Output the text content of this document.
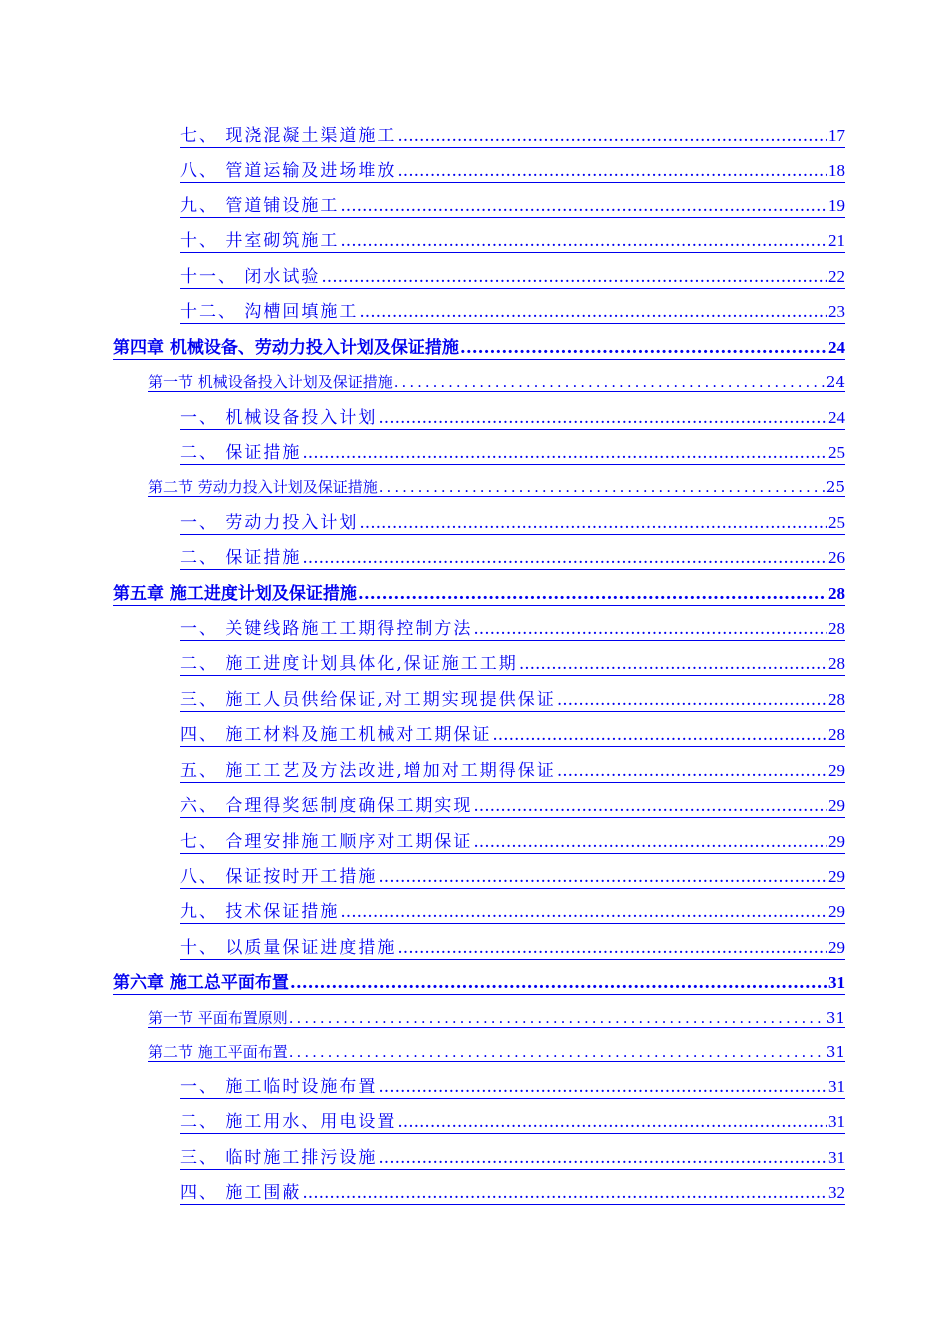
七、 现浇混凝土渠道施工 .....	17
八、 管道运输及进场堆放 .....	18
九、 管道铺设施工 .....	19
十、 井室砌筑施工 .....	21
十一、 闭水试验 .....	22
十二、 沟槽回填施工 .....	23
第四章 机械设备、劳动力投入计划及保证措施 .....	24
第一节 机械设备投入计划及保证措施 .....	24
一、 机械设备投入计划 .....	24
二、 保证措施 .....	25
第二节 劳动力投入计划及保证措施 .....	25
一、 劳动力投入计划 .....	25
二、 保证措施 .....	26
第五章 施工进度计划及保证措施 .....	28
一、 关键线路施工工期得控制方法 .....	28
二、 施工进度计划具体化,保证施工工期 .....	28
三、 施工人员供给保证,对工期实现提供保证 .....	28
四、 施工材料及施工机械对工期保证 .....	28
五、 施工工艺及方法改进,增加对工期得保证 .....	29
六、 合理得奖惩制度确保工期实现 .....	29
七、 合理安排施工顺序对工期保证 .....	29
八、 保证按时开工措施 .....	29
九、 技术保证措施 .....	29
十、 以质量保证进度措施 .....	29
第六章 施工总平面布置 .....	31
第一节 平面布置原则 .....	31
第二节 施工平面布置 .....	31
一、 施工临时设施布置 .....	31
二、 施工用水、用电设置 .....	31
三、 临时施工排污设施 .....	31
四、 施工围蔽 .....	32
